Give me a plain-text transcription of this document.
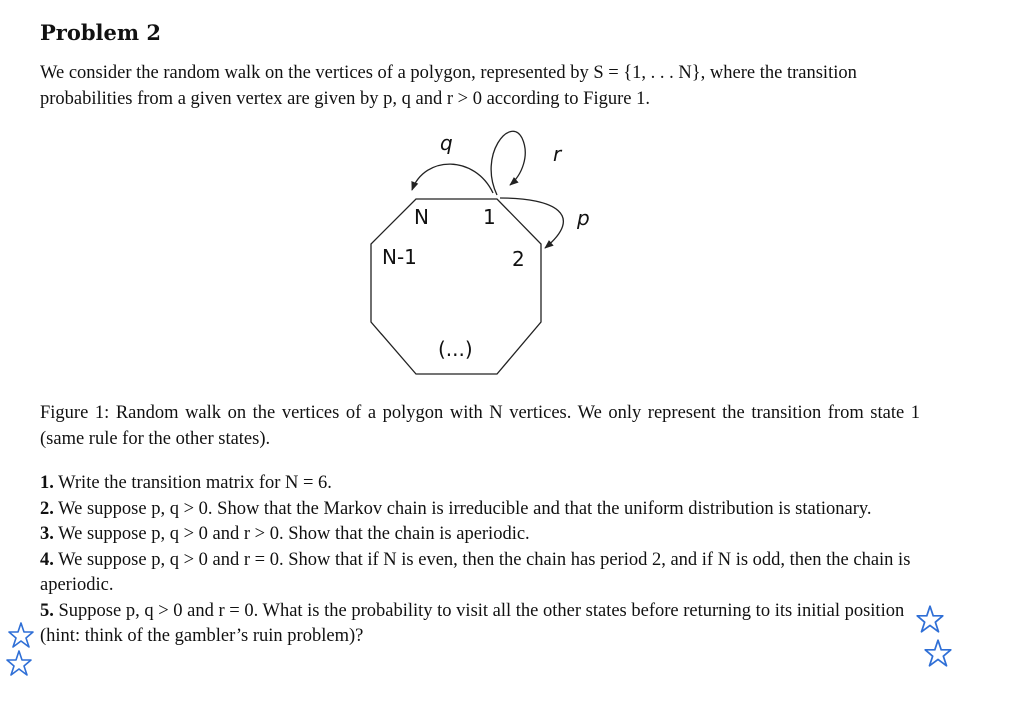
Problem 2
We consider the random walk on the vertices of a polygon, represented by S = {1, . . . N}, where the transition probabilities from a given vertex are given by p, q and r > 0 according to Figure 1.
q	r
p
N	1
2
N-1
(...)
Figure 1: Random walk on the vertices of a polygon with N vertices. We only represent the transition from state 1 (same rule for the other states).

1. Write the transition matrix for N = 6.

2. We suppose p, q > 0. Show that the Markov chain is irreducible and that the uniform distribution is stationary.

3. We suppose p, q > 0 and r > 0. Show that the chain is aperiodic.

4. We suppose p, q > 0 and r = 0. Show that if N is even, then the chain has period 2, and if N is odd, then the chain is aperiodic.

5. Suppose p, q > 0 and r = 0. What is the probability to visit all the other states before returning to its initial position (hint: think of the gambler’s ruin problem)?
